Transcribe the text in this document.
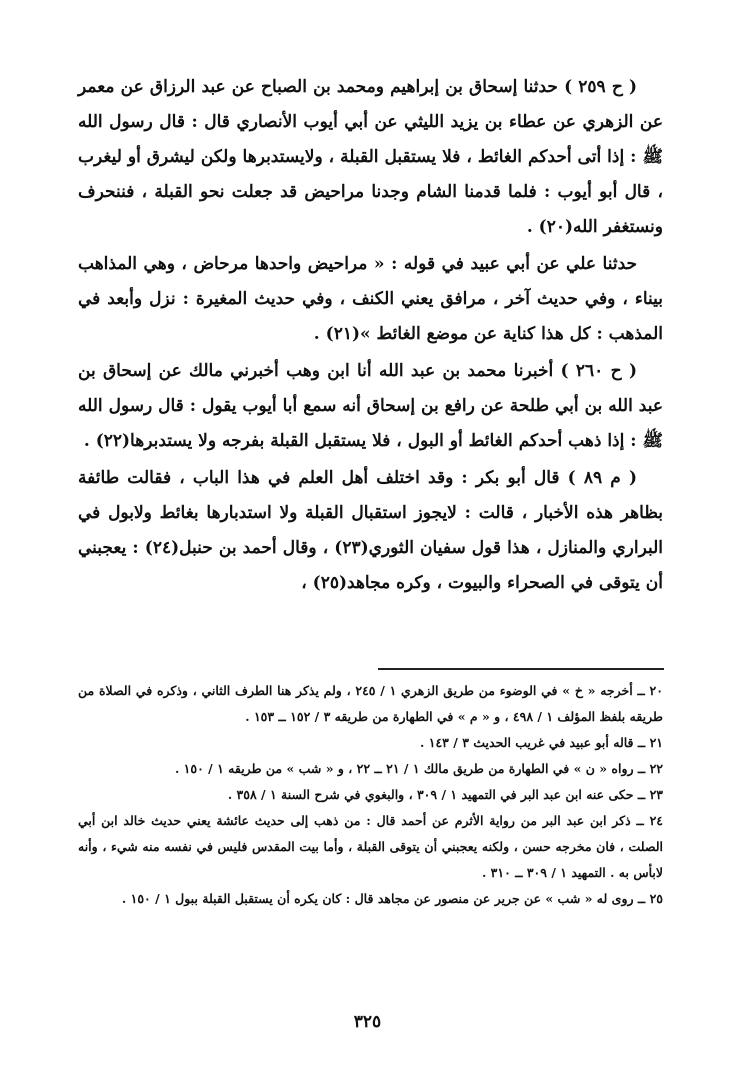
( ح ٢٥٩ ) حدثنا إسحاق بن إبراهيم ومحمد بن الصباح عن عبد الرزاق عن معمر عن الزهري عن عطاء بن يزيد الليثي عن أبي أيوب الأنصاري قال : قال رسول الله ﷺ : إذا أتى أحدكم الغائط ، فلا يستقبل القبلة ، ولايستدبرها ولكن ليشرق أو ليغرب ، قال أبو أيوب : فلما قدمنا الشام وجدنا مراحيض قد جعلت نحو القبلة ، فننحرف ونستغفر الله(٢٠) .

حدثنا علي عن أبي عبيد في قوله : « مراحيض واحدها مرحاض ، وهي المذاهب بيناء ، وفي حديث آخر ، مرافق يعني الكنف ، وفي حديث المغيرة : نزل وأبعد في المذهب : كل هذا كناية عن موضع الغائط »(٢١) .

( ح ٢٦٠ ) أخبرنا محمد بن عبد الله أنا ابن وهب أخبرني مالك عن إسحاق بن عبد الله بن أبي طلحة عن رافع بن إسحاق أنه سمع أبا أيوب يقول : قال رسول الله ﷺ : إذا ذهب أحدكم الغائط أو البول ، فلا يستقبل القبلة بفرجه ولا يستدبرها(٢٢) .

( م ٨٩ ) قال أبو بكر : وقد اختلف أهل العلم في هذا الباب ، فقالت طائفة بظاهر هذه الأخبار ، قالت : لايجوز استقبال القبلة ولا استدبارها بغائط ولابول في البراري والمنازل ، هذا قول سفيان الثوري(٢٣) ، وقال أحمد بن حنبل(٢٤) : يعجبني أن يتوقى في الصحراء والبيوت ، وكره مجاهد(٢٥) ،

٢٠ ــ أخرجه « خ » في الوضوء من طريق الزهري ١ / ٢٤٥ ، ولم يذكر هنا الطرف الثاني ، وذكره في الصلاة من طريقه بلفظ المؤلف ١ / ٤٩٨ ، و « م » في الطهارة من طريقه ٣ / ١٥٢ ــ ١٥٣ .

٢١ ــ قاله أبو عبيد في غريب الحديث ٣ / ١٤٣ .

٢٢ ــ رواه « ن » في الطهارة من طريق مالك ١ / ٢١ ــ ٢٢ ، و « شب » من طريقه ١ / ١٥٠ .

٢٣ ــ حكى عنه ابن عبد البر في التمهيد ١ / ٣٠٩ ، والبغوي في شرح السنة ١ / ٣٥٨ .

٢٤ ــ ذكر ابن عبد البر من رواية الأثرم عن أحمد قال : من ذهب إلى حديث عائشة يعني حديث خالد ابن أبي الصلت ، فان مخرجه حسن ، ولكنه يعجبني أن يتوقى القبلة ، وأما بيت المقدس فليس في نفسه منه شيء ، وأنه لابأس به . التمهيد ١ / ٣٠٩ ــ ٣١٠ .

٢٥ ــ روى له « شب » عن جرير عن منصور عن مجاهد قال : كان يكره أن يستقبل القبلة ببول ١ / ١٥٠ .

٣٢٥
